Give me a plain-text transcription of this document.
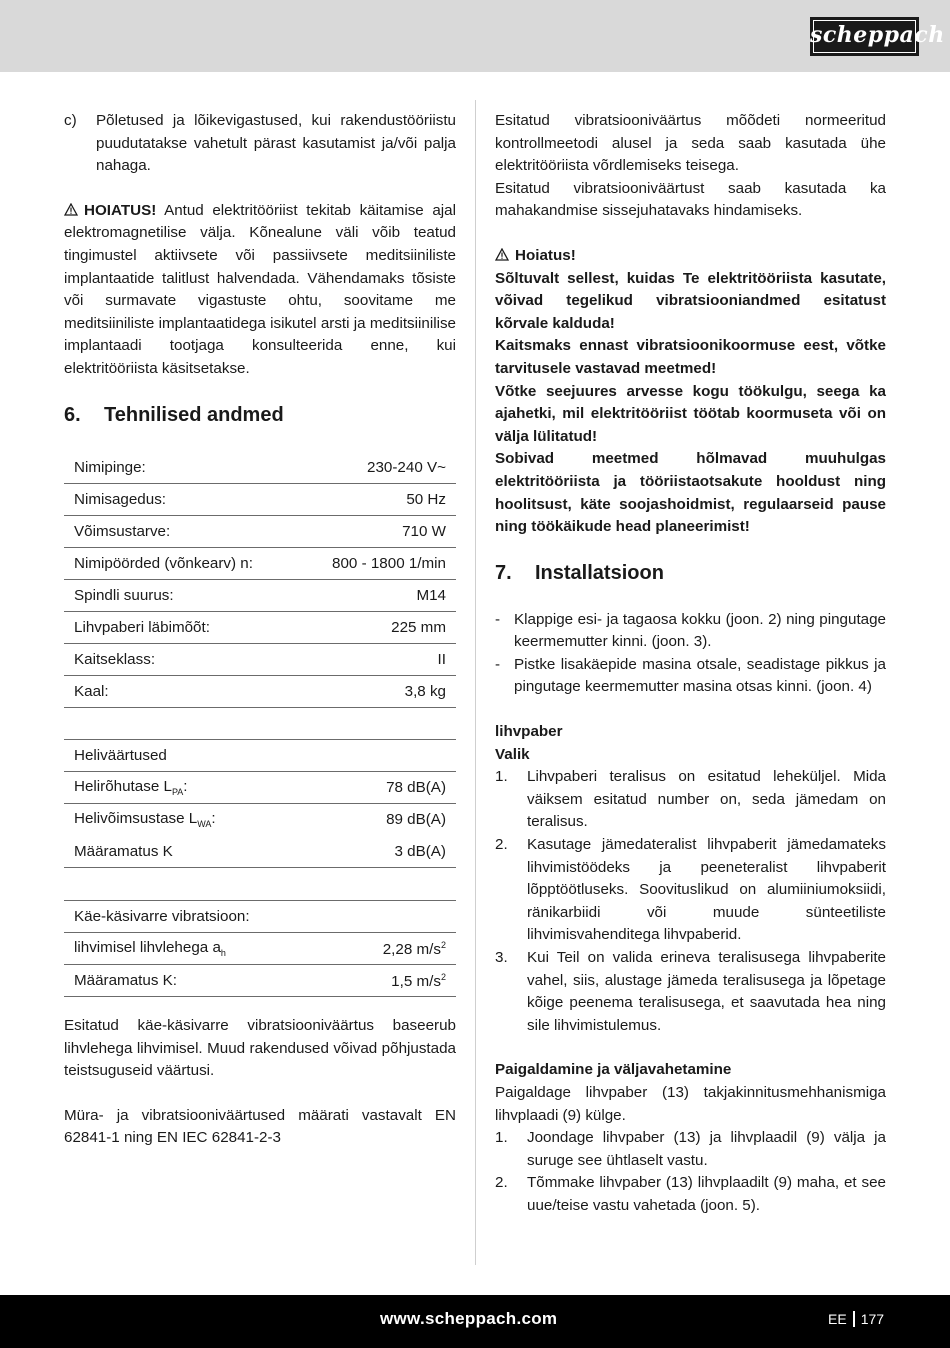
scheppach
c)	Põletused ja lõikevigastused, kui rakendustööriistu puudutatakse vahetult pärast kasutamist ja/või palja nahaga.

HOIATUS! Antud elektritööriist tekitab käitamise ajal elektromagnetilise välja. Kõnealune väli võib teatud tingimustel aktiivsete või passiivsete meditsiiniliste implantaatide talitlust halvendada. Vähendamaks tõsiste või surmavate vigastuste ohtu, soovitame me meditsiiniliste implantaatidega isikutel arsti ja meditsiinilise implantaadi tootjaga konsulteerida enne, kui elektritööriista käsitsetakse.

6.	Tehnilised andmed
Nimipinge:	230-240 V~
Nimisagedus:	50 Hz
Võimsustarve:	710 W
Nimipöörded (võnkearv) n:	800 - 1800 1/min
Spindli suurus:	M14
Lihvpaberi läbimõõt:	225 mm
Kaitseklass:	II
Kaal:	3,8 kg
Heliväärtused	
Helirõhutase $L_{PA}$:	78 dB(A)
Helivõimsustase $L_{WA}$:	89 dB(A)
Määramatus K	3 dB(A)
Käe-käsivarre vibratsioon:	
lihvimisel lihvlehega $a_h$	2,28 $m/s^2$
Määramatus K:	1,5 $m/s^2$

Esitatud käe-käsivarre vibratsiooniväärtus baseerub lihvlehega lihvimisel. Muud rakendused võivad põhjustada teistsuguseid väärtusi.

Müra- ja vibratsiooniväärtused määrati vastavalt EN 62841-1 ning EN IEC 62841-2-3

Esitatud vibratsiooniväärtus mõõdeti normeeritud kontrollmeetodi alusel ja seda saab kasutada ühe elektritööriista võrdlemiseks teisega.

Esitatud vibratsiooniväärtust saab kasutada ka mahakandmise sissejuhatavaks hindamiseks.

Hoiatus!

Sõltuvalt sellest, kuidas Te elektritööriista kasutate, võivad tegelikud vibratsiooniandmed esitatust kõrvale kalduda!

Kaitsmaks ennast vibratsioonikoormuse eest, võtke tarvitusele vastavad meetmed!

Võtke seejuures arvesse kogu töökulgu, seega ka ajahetki, mil elektritööriist töötab koormuseta või on välja lülitatud!

Sobivad meetmed hõlmavad muuhulgas elektritööriista ja tööriistaotsakute hooldust ning hoolitsust, käte soojashoidmist, regulaarseid pause ning töökäikude head planeerimist!

7.	Installatsioon
- Klappige esi- ja tagaosa kokku (joon. 2) ning pingutage keermemutter kinni. (joon. 3).
- Pistke lisakäepide masina otsale, seadistage pikkus ja pingutage keermemutter masina otsas kinni. (joon. 4)

lihvpaber

Valik

1.	Lihvpaberi teralisus on esitatud leheküljel. Mida väiksem esitatud number on, seda jämedam on teralisus.
2.	Kasutage jämedateralist lihvpaberit jämedamateks lihvimistöödeks ja peeneteralist lihvpaberit lõpptöötluseks. Soovituslikud on alumiiniumoksiidi, ränikarbiidi või muude sünteetiliste lihvimisvahenditega lihvpaberid.
3.	Kui Teil on valida erineva teralisusega lihvpaberite vahel, siis, alustage jämeda teralisusega ja lõpetage kõige peenema teralisusega, et saavutada hea ning sile lihvimistulemus.

Paigaldamine ja väljavahetamine

Paigaldage lihvpaber (13) takjakinnitusmehhanismiga lihvplaadi (9) külge.

1.	Joondage lihvpaber (13) ja lihvplaadil (9) välja ja suruge see ühtlaselt vastu.
2.	Tõmmake lihvpaber (13) lihvplaadilt (9) maha, et see uue/teise vastu vahetada (joon. 5).
www.scheppach.com	EE 177
